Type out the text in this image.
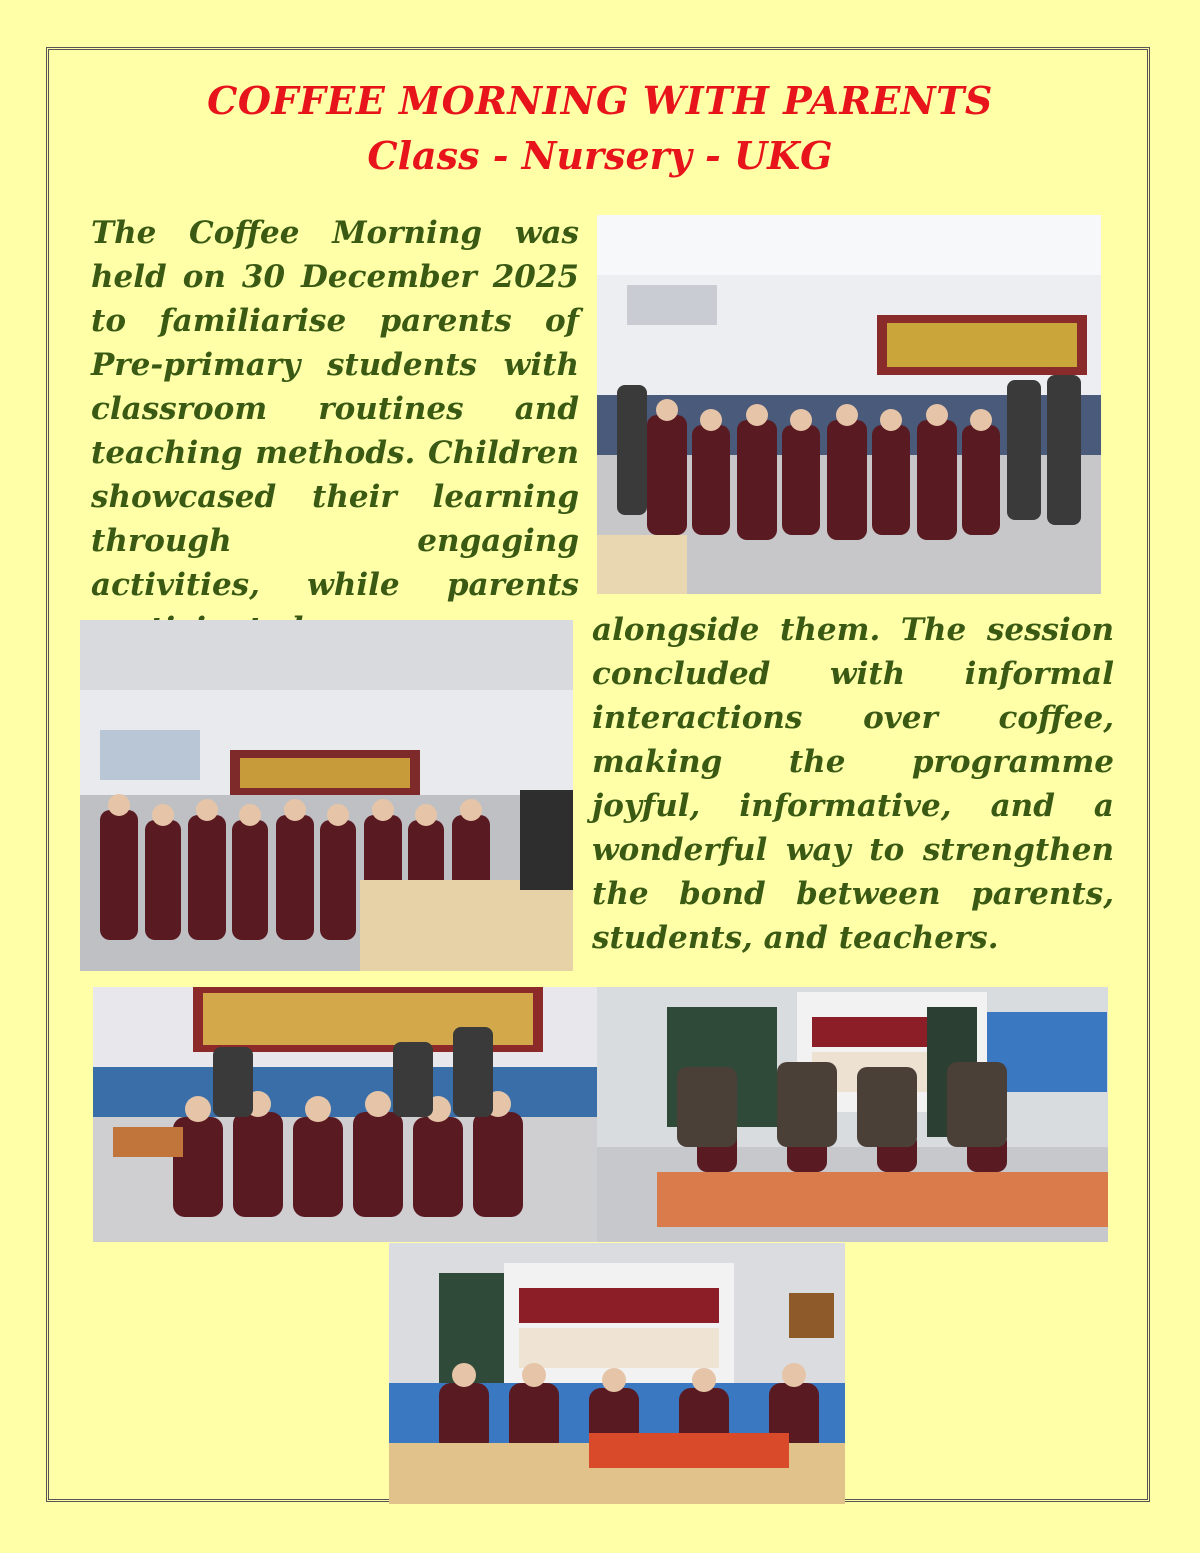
COFFEE MORNING WITH PARENTS
Class - Nursery - UKG

The Coffee Morning was held on 30 December 2025 to familiarise parents of Pre-primary students with classroom routines and teaching methods. Children showcased their learning through engaging activities, while parents

alongside them. The session concluded with informal interactions over coffee, making the programme joyful, informative, and a wonderful way to strengthen the bond between parents, students, and teachers.
